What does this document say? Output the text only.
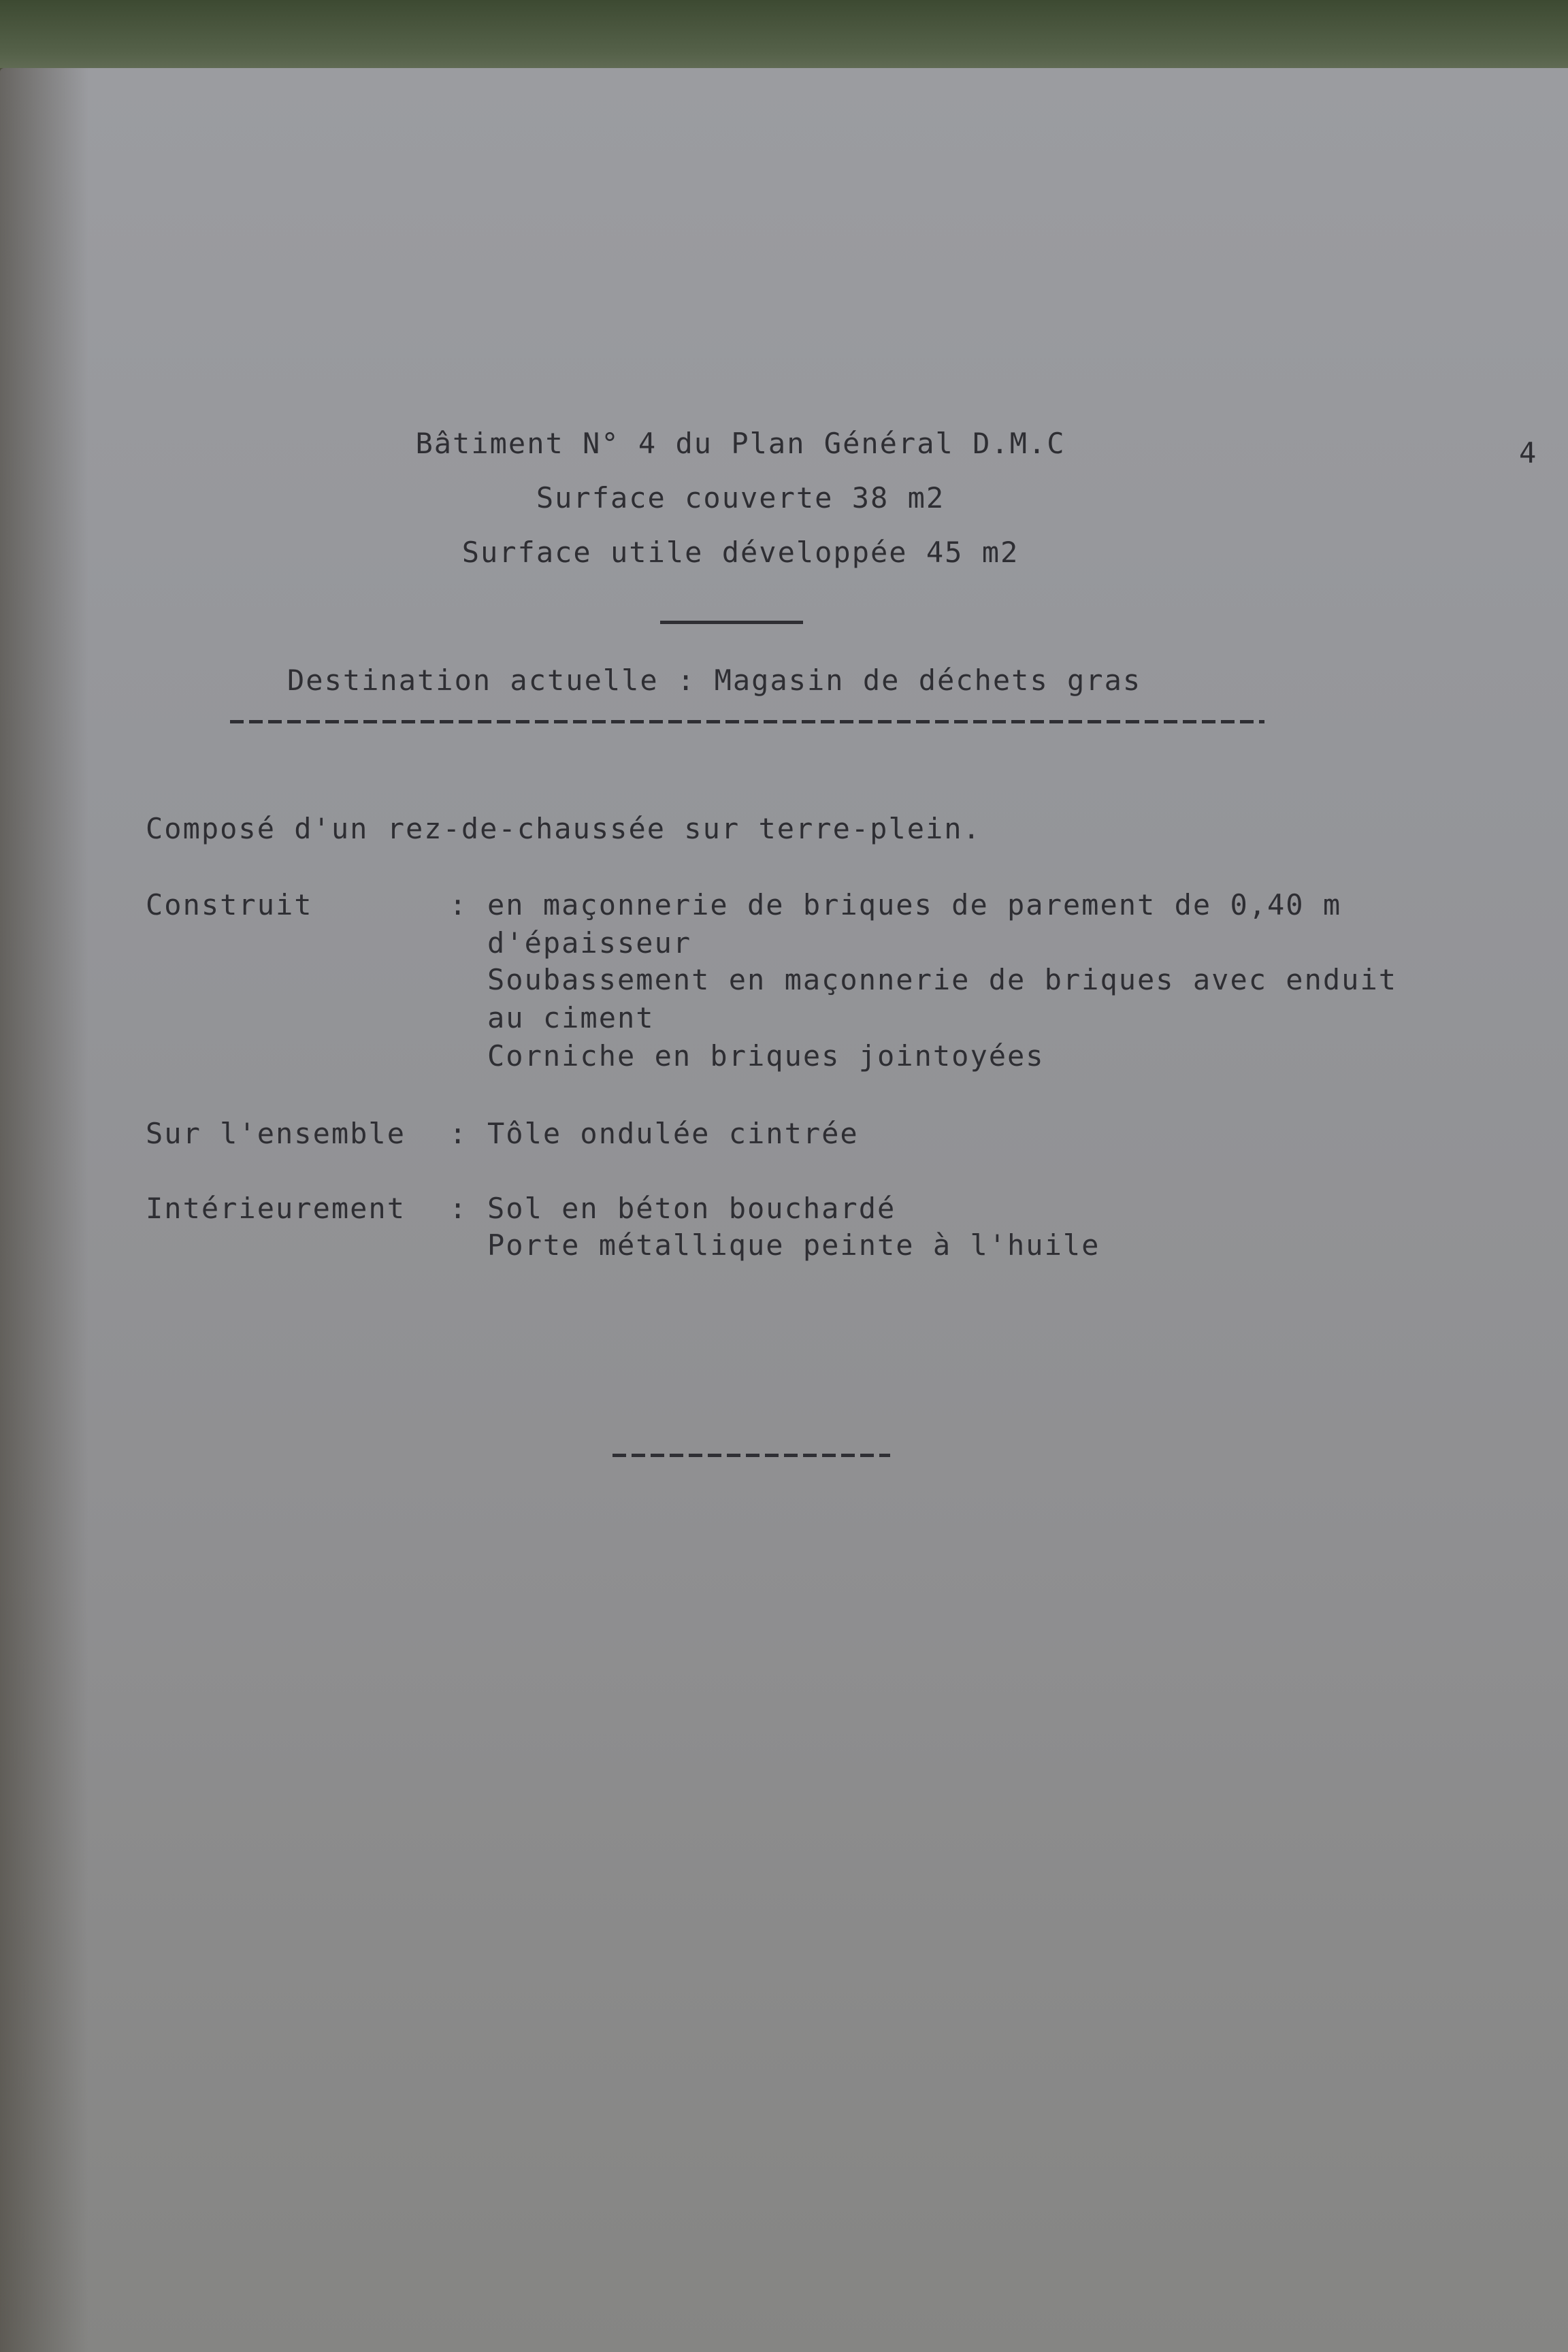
4
Bâtiment N° 4 du Plan Général D.M.C
Surface couverte 38 m2
Surface utile développée 45 m2
Destination actuelle : Magasin de déchets gras
Composé d'un rez-de-chaussée sur terre-plein.
Construit	: en maçonnerie de briques de parement de 0,40 m
d'épaisseur
Soubassement en maçonnerie de briques avec enduit
au ciment
Corniche en briques jointoyées
Sur l'ensemble : Tôle ondulée cintrée
Intérieurement : Sol en béton bouchardé
Porte métallique peinte à l'huile
